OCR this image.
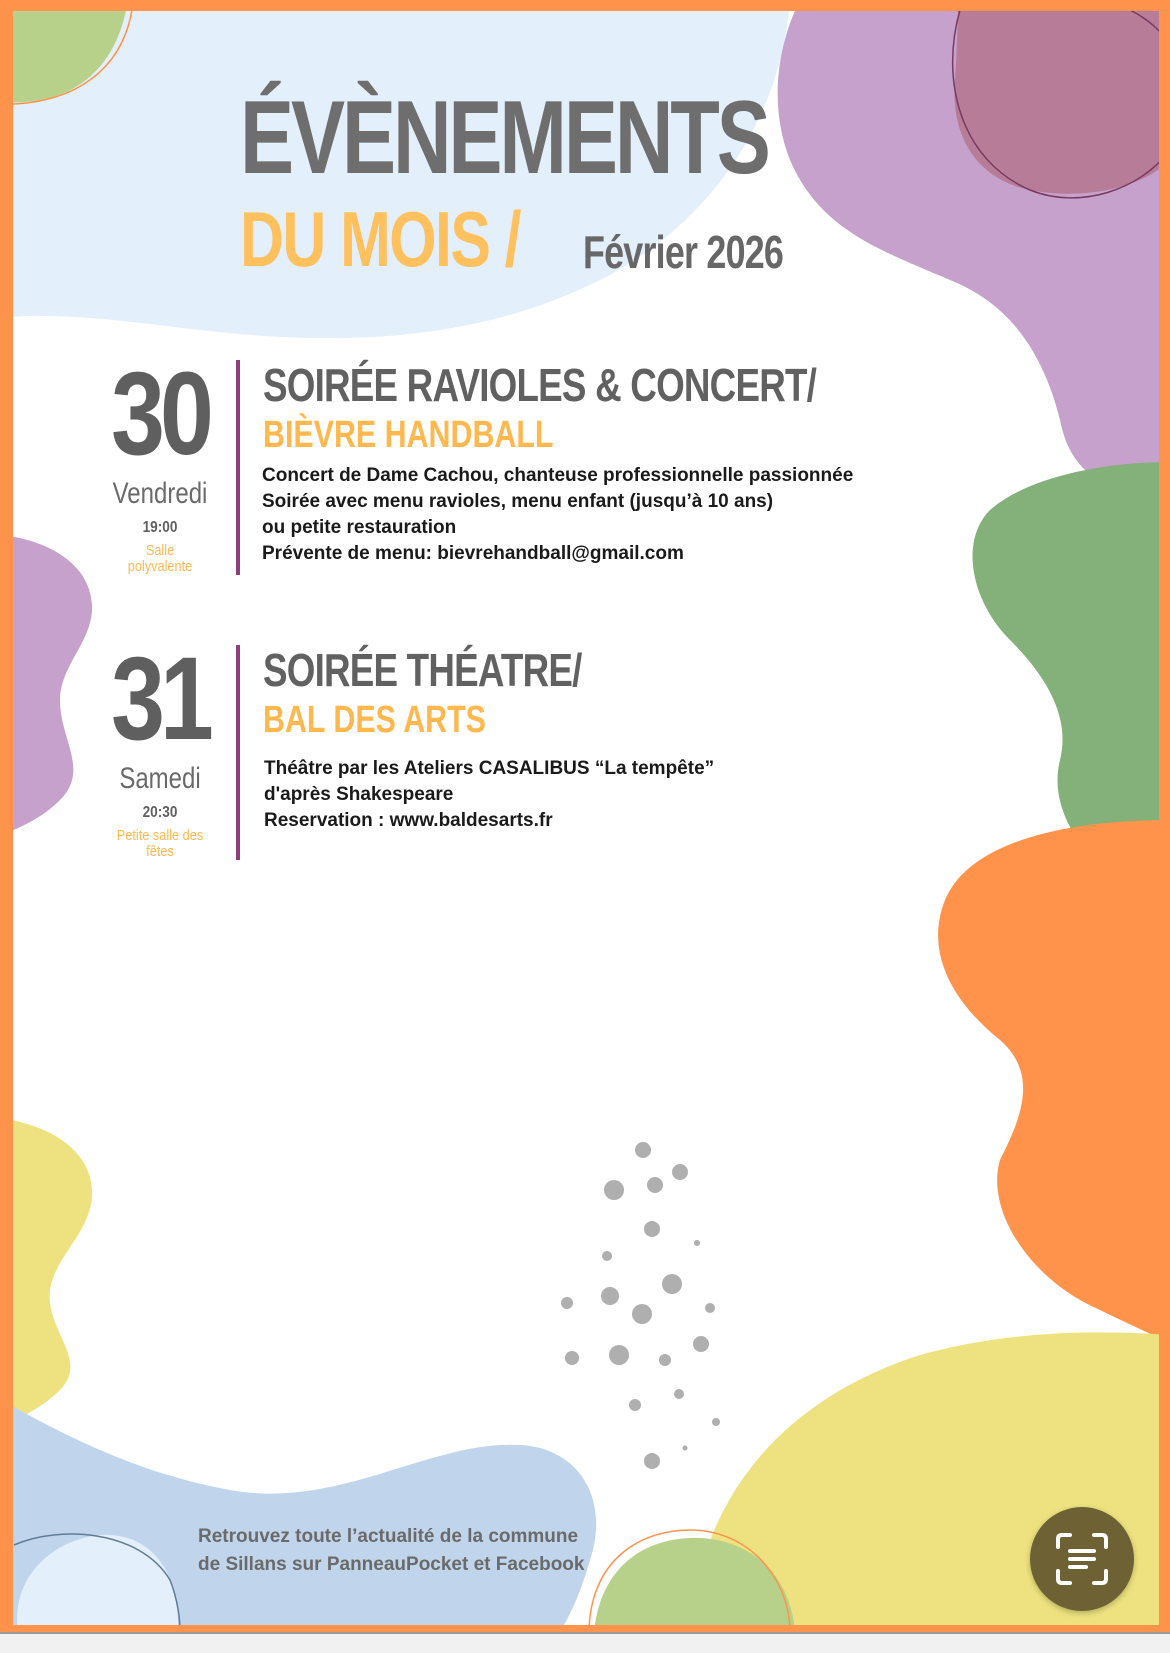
ÉVÈNEMENTS
DU MOIS / Février 2026
30
Vendredi
19:00
Salle
polyvalente
SOIRÉE RAVIOLES & CONCERT/
BIÈVRE HANDBALL
Concert de Dame Cachou, chanteuse professionnelle passionnée
Soirée avec menu ravioles, menu enfant (jusqu’à 10 ans)
ou petite restauration
Prévente de menu: bievrehandball@gmail.com
31
Samedi
20:30
Petite salle des
fêtes
SOIRÉE THÉATRE/
BAL DES ARTS
Théâtre par les Ateliers CASALIBUS “La tempête”
d'après Shakespeare
Reservation : www.baldesarts.fr
Retrouvez toute l’actualité de la commune
de Sillans sur PanneauPocket et Facebook
